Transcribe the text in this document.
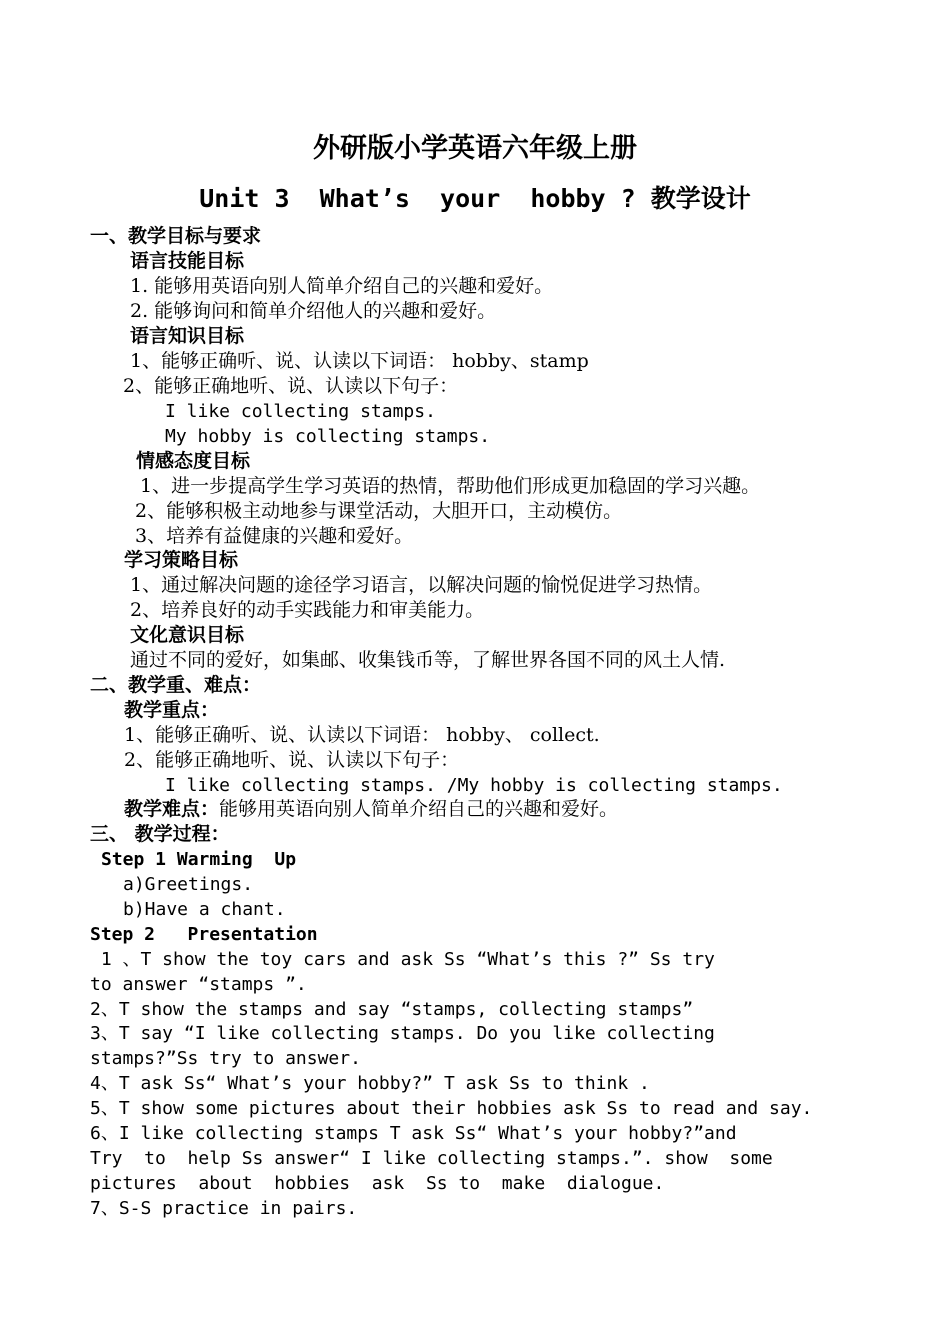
外研版小学英语六年级上册
Unit 3  What’s  your  hobby ? 教学设计
一、教学目标与要求
语言技能目标
1. 能够用英语向别人简单介绍自己的兴趣和爱好。
2. 能够询问和简单介绍他人的兴趣和爱好。
语言知识目标
1、能够正确听、说、认读以下词语： hobby、stamp
2、能够正确地听、说、认读以下句子：
I like collecting stamps.
My hobby is collecting stamps.
情感态度目标
1、进一步提高学生学习英语的热情，帮助他们形成更加稳固的学习兴趣。
2、能够积极主动地参与课堂活动，大胆开口，主动模仿。
3、培养有益健康的兴趣和爱好。
学习策略目标
1、通过解决问题的途径学习语言，以解决问题的愉悦促进学习热情。
2、培养良好的动手实践能力和审美能力。
文化意识目标
通过不同的爱好，如集邮、收集钱币等，了解世界各国不同的风土人情.
二、教学重、难点：
教学重点：
1、能够正确听、说、认读以下词语： hobby、 collect.
2、能够正确地听、说、认读以下句子：
I like collecting stamps. /My hobby is collecting stamps.
教学难点：能够用英语向别人简单介绍自己的兴趣和爱好。
三、 教学过程：
Step 1 Warming  Up
a)Greetings.
b)Have a chant.
Step 2   Presentation
1 、T show the toy cars and ask Ss “What’s this ?” Ss try
to answer “stamps ”.
2、T show the stamps and say “stamps, collecting stamps”
3、T say “I like collecting stamps. Do you like collecting
stamps?”Ss try to answer.
4、T ask Ss“ What’s your hobby?” T ask Ss to think .
5、T show some pictures about their hobbies ask Ss to read and say.
6、I like collecting stamps T ask Ss“ What’s your hobby?”and
Try  to  help Ss answer“ I like collecting stamps.”. show  some
pictures  about  hobbies  ask  Ss to  make  dialogue.
7、S-S practice in pairs.
